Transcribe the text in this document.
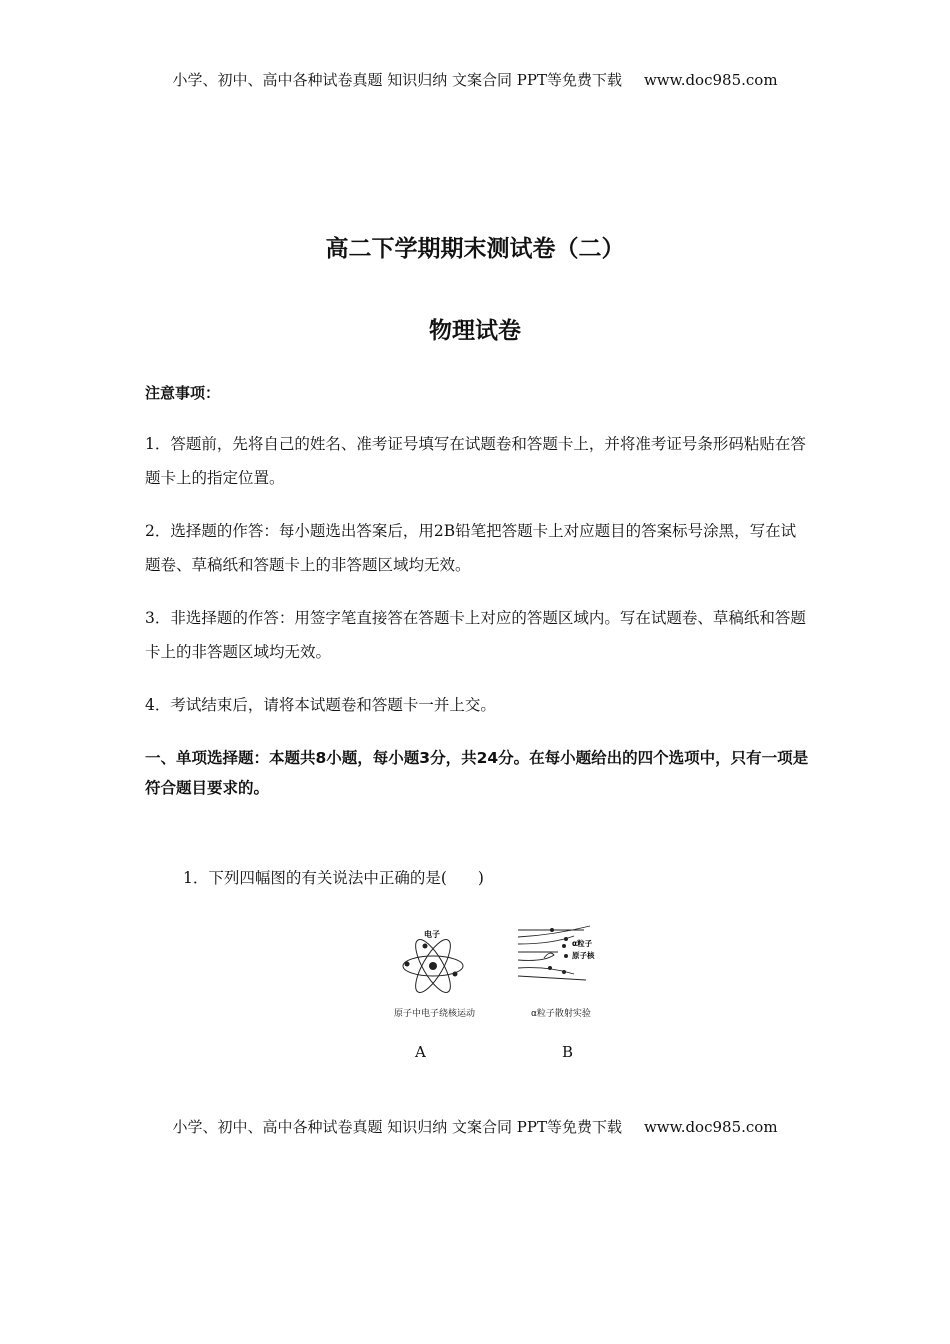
小学、初中、高中各种试卷真题 知识归纳 文案合同 PPT等免费下载 www.doc985.com
高二下学期期末测试卷（二）
物理试卷
注意事项：
1．答题前，先将自己的姓名、准考证号填写在试题卷和答题卡上，并将准考证号条形码粘贴在答题卡上的指定位置。
2．选择题的作答：每小题选出答案后，用2B铅笔把答题卡上对应题目的答案标号涂黑，写在试题卷、草稿纸和答题卡上的非答题区域均无效。
3．非选择题的作答：用签字笔直接答在答题卡上对应的答题区域内。写在试题卷、草稿纸和答题卡上的非答题区域均无效。
4．考试结束后，请将本试题卷和答题卡一并上交。
一、单项选择题：本题共8小题，每小题3分，共24分。在每小题给出的四个选项中，只有一项是符合题目要求的。
1．下列四幅图的有关说法中正确的是(　　)
电子
α粒子
原子核
原子中电子绕核运动	α粒子散射实验
A	B
小学、初中、高中各种试卷真题 知识归纳 文案合同 PPT等免费下载 www.doc985.com
